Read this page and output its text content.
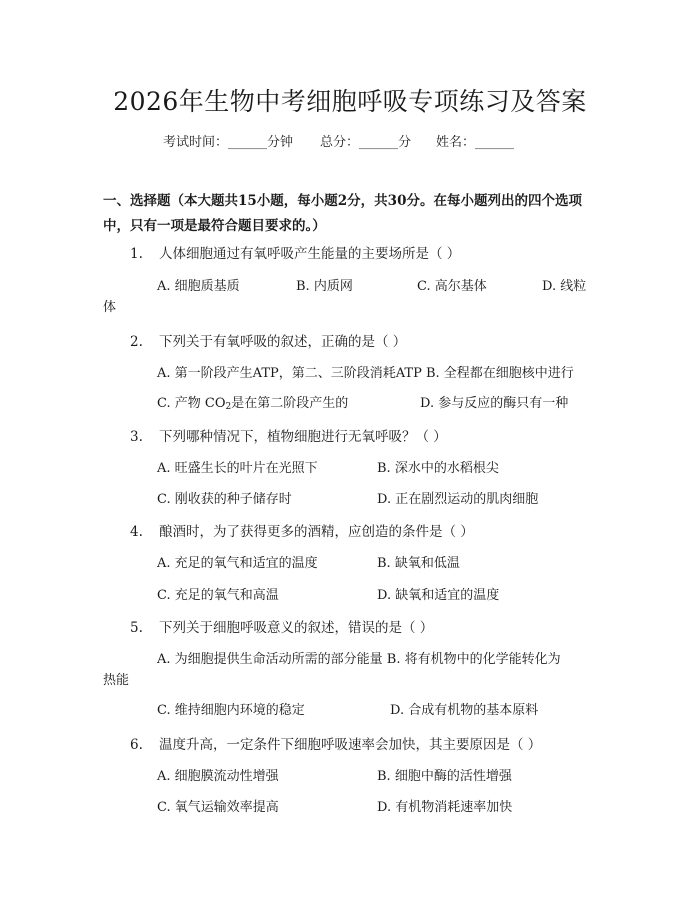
2026年生物中考细胞呼吸专项练习及答案
考试时间：______分钟 总分：______分 姓名：______
一、选择题（本大题共15小题，每小题2分，共30分。在每小题列出的四个选项中，只有一项是最符合题目要求的。）
1. 人体细胞通过有氧呼吸产生能量的主要场所是（ ）
A. 细胞质基质	B. 内质网	C. 高尔基体	D. 线粒
体
2. 下列关于有氧呼吸的叙述，正确的是（ ）
A. 第一阶段产生ATP，第二、三阶段消耗ATP B. 全程都在细胞核中进行
C. 产物 $CO_2$是在第二阶段产生的	D. 参与反应的酶只有一种
3. 下列哪种情况下，植物细胞进行无氧呼吸？（ ）
A. 旺盛生长的叶片在光照下	B. 深水中的水稻根尖
C. 刚收获的种子储存时	D. 正在剧烈运动的肌肉细胞
4. 酿酒时，为了获得更多的酒精，应创造的条件是（ ）
A. 充足的氧气和适宜的温度	B. 缺氧和低温
C. 充足的氧气和高温	D. 缺氧和适宜的温度
5. 下列关于细胞呼吸意义的叙述，错误的是（ ）
A. 为细胞提供生命活动所需的部分能量 B. 将有机物中的化学能转化为
热能
C. 维持细胞内环境的稳定	D. 合成有机物的基本原料
6. 温度升高，一定条件下细胞呼吸速率会加快，其主要原因是（ ）
A. 细胞膜流动性增强	B. 细胞中酶的活性增强
C. 氧气运输效率提高	D. 有机物消耗速率加快
